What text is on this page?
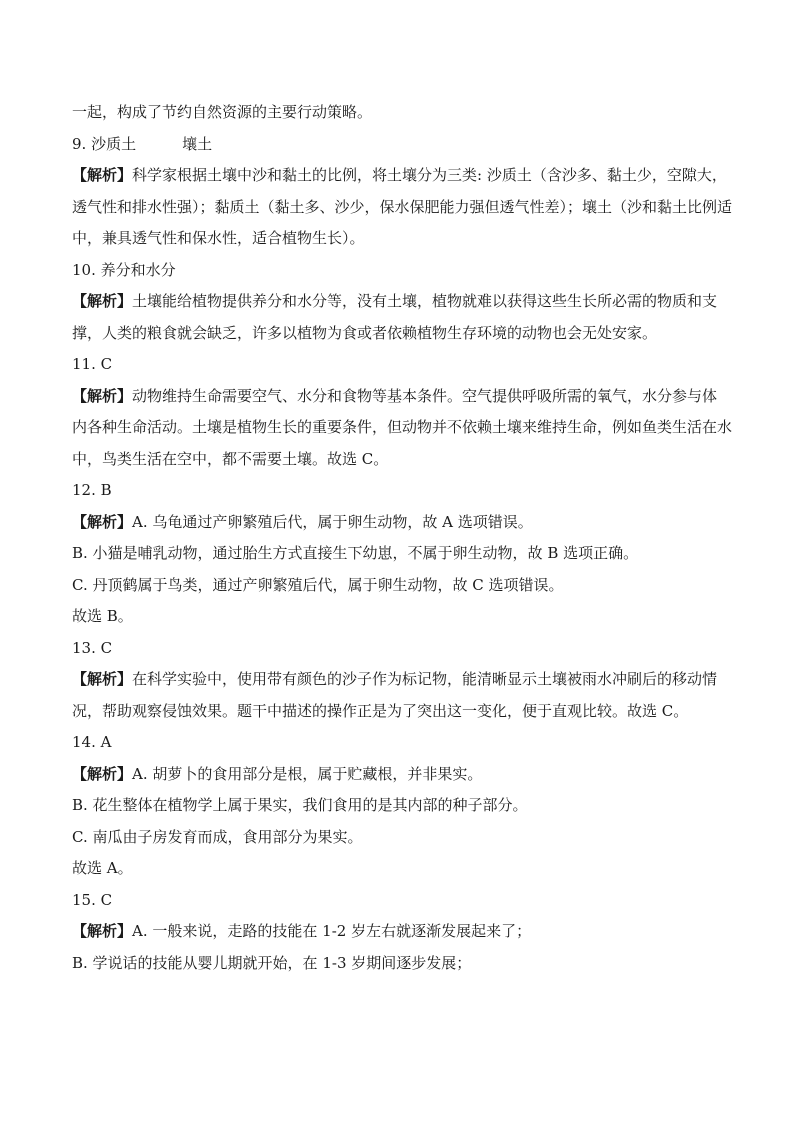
一起，构成了节约自然资源的主要行动策略。

9. 沙质土	壤土

【解析】科学家根据土壤中沙和黏土的比例，将土壤分为三类: 沙质土（含沙多、黏土少，空隙大，透气性和排水性强）；黏质土（黏土多、沙少，保水保肥能力强但透气性差）；壤土（沙和黏土比例适中，兼具透气性和保水性，适合植物生长）。

10. 养分和水分

【解析】土壤能给植物提供养分和水分等，没有土壤，植物就难以获得这些生长所必需的物质和支撑，人类的粮食就会缺乏，许多以植物为食或者依赖植物生存环境的动物也会无处安家。

11. C

【解析】动物维持生命需要空气、水分和食物等基本条件。空气提供呼吸所需的氧气，水分参与体内各种生命活动。土壤是植物生长的重要条件，但动物并不依赖土壤来维持生命，例如鱼类生活在水中，鸟类生活在空中，都不需要土壤。故选 C。

12. B

【解析】A. 乌龟通过产卵繁殖后代，属于卵生动物，故 A 选项错误。

B. 小猫是哺乳动物，通过胎生方式直接生下幼崽，不属于卵生动物，故 B 选项正确。

C. 丹顶鹤属于鸟类，通过产卵繁殖后代，属于卵生动物，故 C 选项错误。

故选 B。

13. C

【解析】在科学实验中，使用带有颜色的沙子作为标记物，能清晰显示土壤被雨水冲刷后的移动情况，帮助观察侵蚀效果。题干中描述的操作正是为了突出这一变化，便于直观比较。故选 C。

14. A

【解析】A. 胡萝卜的食用部分是根，属于贮藏根，并非果实。

B. 花生整体在植物学上属于果实，我们食用的是其内部的种子部分。

C. 南瓜由子房发育而成，食用部分为果实。

故选 A。

15. C

【解析】A. 一般来说，走路的技能在 1-2 岁左右就逐渐发展起来了；

B. 学说话的技能从婴儿期就开始，在 1-3 岁期间逐步发展；
